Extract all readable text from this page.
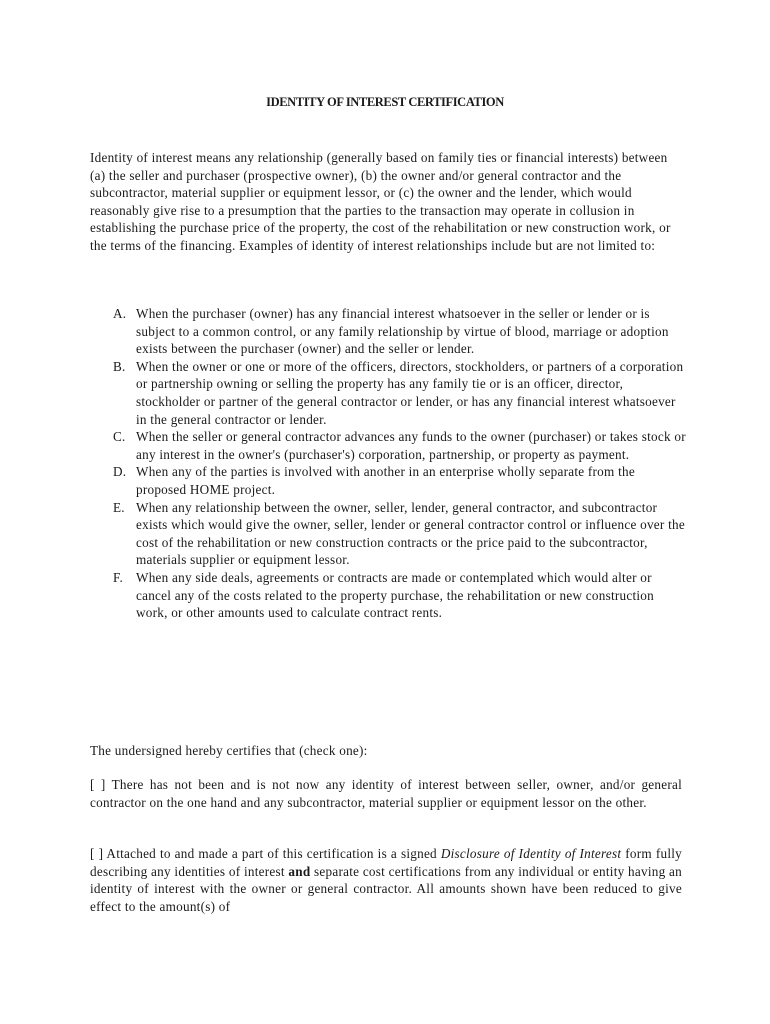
IDENTITY OF INTEREST CERTIFICATION
Identity of interest means any relationship (generally based on family ties or financial interests) between (a) the seller and purchaser (prospective owner), (b) the owner and/or general contractor and the subcontractor, material supplier or equipment lessor, or (c) the owner and the lender, which would reasonably give rise to a presumption that the parties to the transaction may operate in collusion in establishing the purchase price of the property, the cost of the rehabilitation or new construction work, or the terms of the financing. Examples of identity of interest relationships include but are not limited to:
A. When the purchaser (owner) has any financial interest whatsoever in the seller or lender or is subject to a common control, or any family relationship by virtue of blood, marriage or adoption exists between the purchaser (owner) and the seller or lender.
B. When the owner or one or more of the officers, directors, stockholders, or partners of a corporation or partnership owning or selling the property has any family tie or is an officer, director, stockholder or partner of the general contractor or lender, or has any financial interest whatsoever in the general contractor or lender.
C. When the seller or general contractor advances any funds to the owner (purchaser) or takes stock or any interest in the owner's (purchaser's) corporation, partnership, or property as payment.
D. When any of the parties is involved with another in an enterprise wholly separate from the proposed HOME project.
E. When any relationship between the owner, seller, lender, general contractor, and subcontractor exists which would give the owner, seller, lender or general contractor control or influence over the cost of the rehabilitation or new construction contracts or the price paid to the subcontractor, materials supplier or equipment lessor.
F. When any side deals, agreements or contracts are made or contemplated which would alter or cancel any of the costs related to the property purchase, the rehabilitation or new construction work, or other amounts used to calculate contract rents.
The undersigned hereby certifies that (check one):
[ ] There has not been and is not now any identity of interest between seller, owner, and/or general contractor on the one hand and any subcontractor, material supplier or equipment lessor on the other.
[ ] Attached to and made a part of this certification is a signed Disclosure of Identity of Interest form fully describing any identities of interest and separate cost certifications from any individual or entity having an identity of interest with the owner or general contractor. All amounts shown have been reduced to give effect to the amount(s) of
